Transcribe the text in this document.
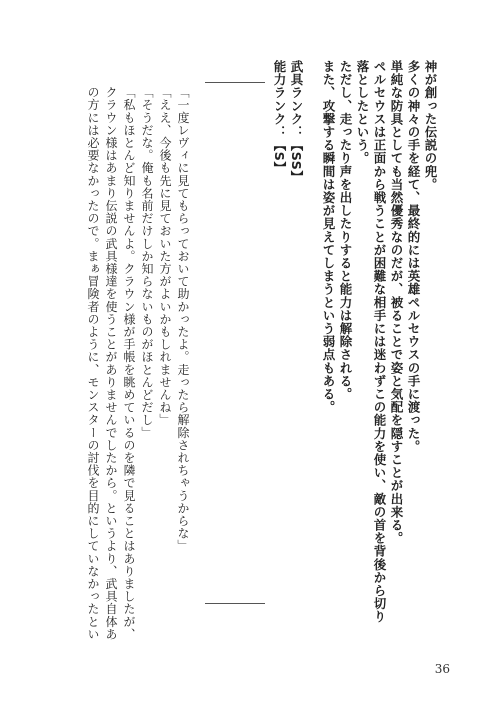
神が創った伝説の兜。
多くの神々の手を経て、最終的には英雄ペルセウスの手に渡った。
単純な防具としても当然優秀なのだが、被ることで姿と気配を隠すことが出来る。
ペルセウスは正面から戦うことが困難な相手には迷わずこの能力を使い、敵の首を背後から切り
落としたという。
ただし、走ったり声を出したりすると能力は解除される。
また、攻撃する瞬間は姿が見えてしまうという弱点もある。
武具ランク：【SS】
能力ランク：【S】
「一度レヴィに見てもらっておいて助かったよ。走ったら解除されちゃうからな」
「ええ、今後も先に見ておいた方がよいかもしれませんね」
「そうだな。俺も名前だけしか知らないものがほとんどだし」
「私もほとんど知りませんよ。クラウン様が手帳を眺めているのを隣で見ることはありましたが、
クラウン様はあまり伝説の武具様達を使うことがありませんでしたから。というより、武具自体あ
の方には必要なかったので。まぁ冒険者のように、モンスターの討伐を目的にしていなかったとい
36
